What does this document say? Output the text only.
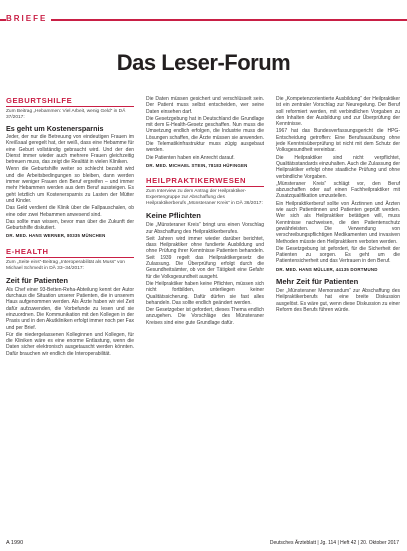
BRIEFE
Das Leser-Forum
GEBURTSHILFE
Zum Beitrag „Hebammen: Viel Arbeit, wenig Geld“ in DÄ 37/2017:
Es geht um Kostenersparnis

Jeder, der nur die Betreuung von eindeutigen Frauen im Kreißsaal geregelt hat, der weiß, dass eine Hebamme für eine Geburt vollständig gebraucht wird. Und der den Dienst immer wieder auch mehrere Frauen gleichzeitig betreuen muss, das zeigt die Realität in vielen Kliniken.

Wenn die Geburtshilfe weiter so schlecht bezahlt wird und die Arbeitsbedingungen so bleiben, dann werden immer weniger Frauen den Beruf ergreifen – und immer mehr Hebammen werden aus dem Beruf aussteigen. Es geht letztlich um Kostenersparnis zu Lasten der Mütter und Kinder.

Das Geld verdient die Klinik über die Fallpauschalen, ob eine oder zwei Hebammen anwesend sind.

Das sollte man wissen, bevor man über die Zukunft der Geburtshilfe diskutiert.

DR. MED. HANS WERNER, 80335 MÜNCHEN
E-HEALTH
Zum „Seite eins“-Beitrag „Interoperabilität als Muss“ von Michael Schmedt in DÄ 33–34/2017:
Zeit für Patienten

Als Chef einer 93-Betten-Reha-Abteilung kennt der Autor durchaus die Situation unserer Patienten, die in unserem Haus aufgenommen werden. Als Ärzte haben wir viel Zeit dafür aufzuwenden, die Vorbefunde zu lesen und sie einzuordnen. Die Kommunikation mit den Kollegen in der Praxis und in den Akutkliniken erfolgt immer noch per Fax und per Brief.

Für die niedergelassenen Kolleginnen und Kollegen, für die Kliniken wäre es eine enorme Entlastung, wenn die Daten sicher elektronisch ausgetauscht werden könnten. Dafür brauchen wir endlich die Interoperabilität.

Die Daten müssen gesichert und verschlüsselt sein. Der Patient muss selbst entscheiden, wer seine Daten einsehen darf.

Die Gesetzgebung hat in Deutschland die Grundlage mit dem E-Health-Gesetz geschaffen. Nun muss die Umsetzung endlich erfolgen, die Industrie muss die Lösungen schaffen, die Ärzte müssen sie anwenden. Die Telematikinfrastruktur muss zügig ausgebaut werden.

Die Patienten haben ein Anrecht darauf.

DR. MED. MICHAEL STEIN, 78183 HÜFINGEN
HEILPRAKTIKERWESEN
Zum Interview zu dem Antrag der Heilpraktiker-Expertengruppe zur Abschaffung des Heilpraktikerberufs „Münsteraner Kreis“ in DÄ 36/2017:
Keine Pflichten

Die „Münsteraner Kreis“ bringt uns einen Vorschlag zur Abschaffung des Heilpraktikerberufes.

Seit Jahren wird immer wieder darüber berichtet, dass Heilpraktiker ohne fundierte Ausbildung und ohne Prüfung ihrer Kenntnisse Patienten behandeln. Seit 1939 regelt das Heilpraktikergesetz die Zulassung. Die Überprüfung erfolgt durch die Gesundheitsämter, ob von der Tätigkeit eine Gefahr für die Volksgesundheit ausgeht.

Die Heilpraktiker haben keine Pflichten, müssen sich nicht fortbilden, unterliegen keiner Qualitätssicherung. Dafür dürfen sie fast alles behandeln. Das sollte endlich geändert werden.

Der Gesetzgeber ist gefordert, dieses Thema endlich anzugehen. Die Vorschläge des Münsteraner Kreises sind eine gute Grundlage dafür.

Die „Kompetenzorientierte Ausbildung“ der Heilpraktiker ist ein zentraler Vorschlag zur Neuregelung. Der Beruf soll reformiert werden, mit verbindlichen Vorgaben zu den Inhalten der Ausbildung und zur Überprüfung der Kenntnisse.

1967 hat das Bundesverfassungsgericht die HPG-Entscheidung getroffen: Eine Berufsausübung ohne jede Kenntnisüberprüfung ist nicht mit dem Schutz der Volksgesundheit vereinbar.

Die Heilpraktiker sind nicht verpflichtet, Qualitätsstandards einzuhalten. Auch die Zulassung der Heilpraktiker erfolgt ohne staatliche Prüfung und ohne verbindliche Vorgaben.

„Münsteraner Kreis“ schlägt vor, den Beruf abzuschaffen oder auf einen Fachheilpraktiker mit Zusatzqualifikation umzustellen.

Ein Heilpraktikerberuf sollte von Ärztinnen und Ärzten wie auch Patientinnen und Patienten geprüft werden. Wer sich als Heilpraktiker betätigen will, muss Kenntnisse nachweisen, die den Patientenschutz gewährleisten. Die Verwendung von verschreibungspflichtigen Medikamenten und invasiven Methoden müsste den Heilpraktikern verboten werden.

Die Gesetzgebung ist gefordert, für die Sicherheit der Patienten zu sorgen. Es geht um die Patientensicherheit und das Vertrauen in den Beruf.

DR. MED. HANS MÜLLER, 44135 DORTMUND
Mehr Zeit für Patienten

Der „Münsteraner Memorandum“ zur Abschaffung des Heilpraktikerberufs hat eine breite Diskussion ausgelöst. Es wäre gut, wenn diese Diskussion zu einer Reform des Berufs führen würde.

A 1990	Deutsches Ärzteblatt | Jg. 114 | Heft 42 | 20. Oktober 2017
